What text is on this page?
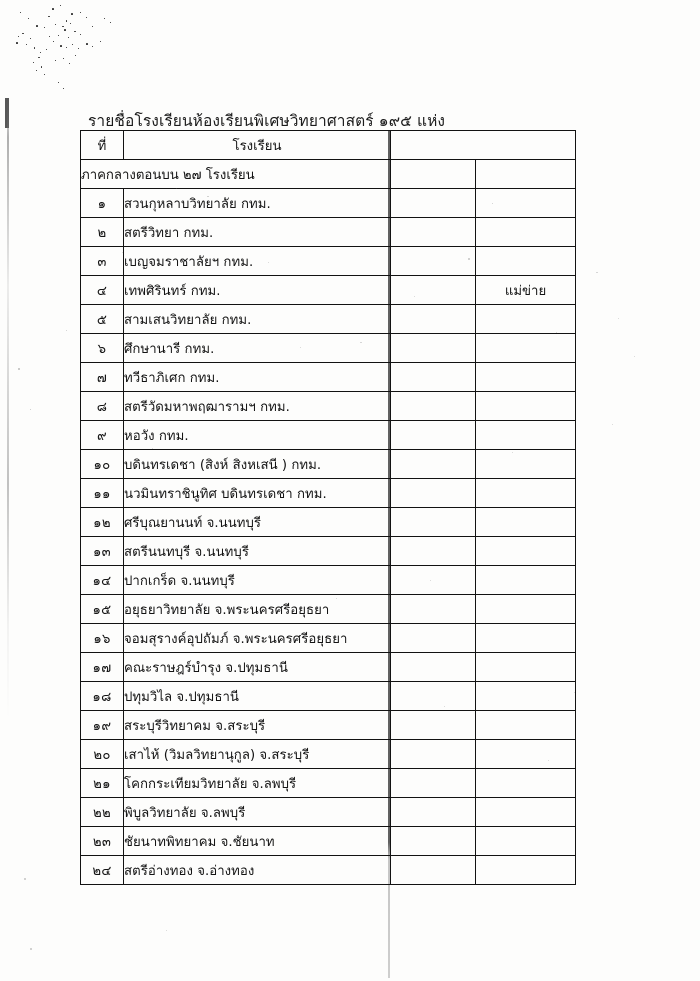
รายชื่อโรงเรียนห้องเรียนพิเศษวิทยาศาสตร์ ๑๙๕ แห่ง
ที่	โรงเรียน		
ภาคกลางตอนบน ๒๗ โรงเรียน			
๑	สวนกุหลาบวิทยาลัย กทม.		
๒	สตรีวิทยา กทม.		
๓	เบญจมราชาลัยฯ กทม.		
๔	เทพศิรินทร์ กทม.		แม่ข่าย
๕	สามเสนวิทยาลัย กทม.		
๖	ศึกษานารี กทม.		
๗	ทวีธาภิเศก กทม.		
๘	สตรีวัดมหาพฤฒารามฯ กทม.		
๙	หอวัง กทม.		
๑๐	บดินทรเดชา (สิงห์ สิงหเสนี ) กทม.		
๑๑	นวมินทราชินูทิศ บดินทรเดชา กทม.		
๑๒	ศรีบุณยานนท์ จ.นนทบุรี		
๑๓	สตรีนนทบุรี จ.นนทบุรี		
๑๔	ปากเกร็ด จ.นนทบุรี		
๑๕	อยุธยาวิทยาลัย จ.พระนครศรีอยุธยา		
๑๖	จอมสุรางค์อุปถัมภ์ จ.พระนครศรีอยุธยา		
๑๗	คณะราษฎร์บำรุง จ.ปทุมธานี		
๑๘	ปทุมวิไล จ.ปทุมธานี		
๑๙	สระบุรีวิทยาคม จ.สระบุรี		
๒๐	เสาไห้ (วิมลวิทยานุกูล) จ.สระบุรี		
๒๑	โคกกระเทียมวิทยาลัย จ.ลพบุรี		
๒๒	พิบูลวิทยาลัย จ.ลพบุรี		
๒๓	ชัยนาทพิทยาคม จ.ชัยนาท		
๒๔	สตรีอ่างทอง จ.อ่างทอง		
